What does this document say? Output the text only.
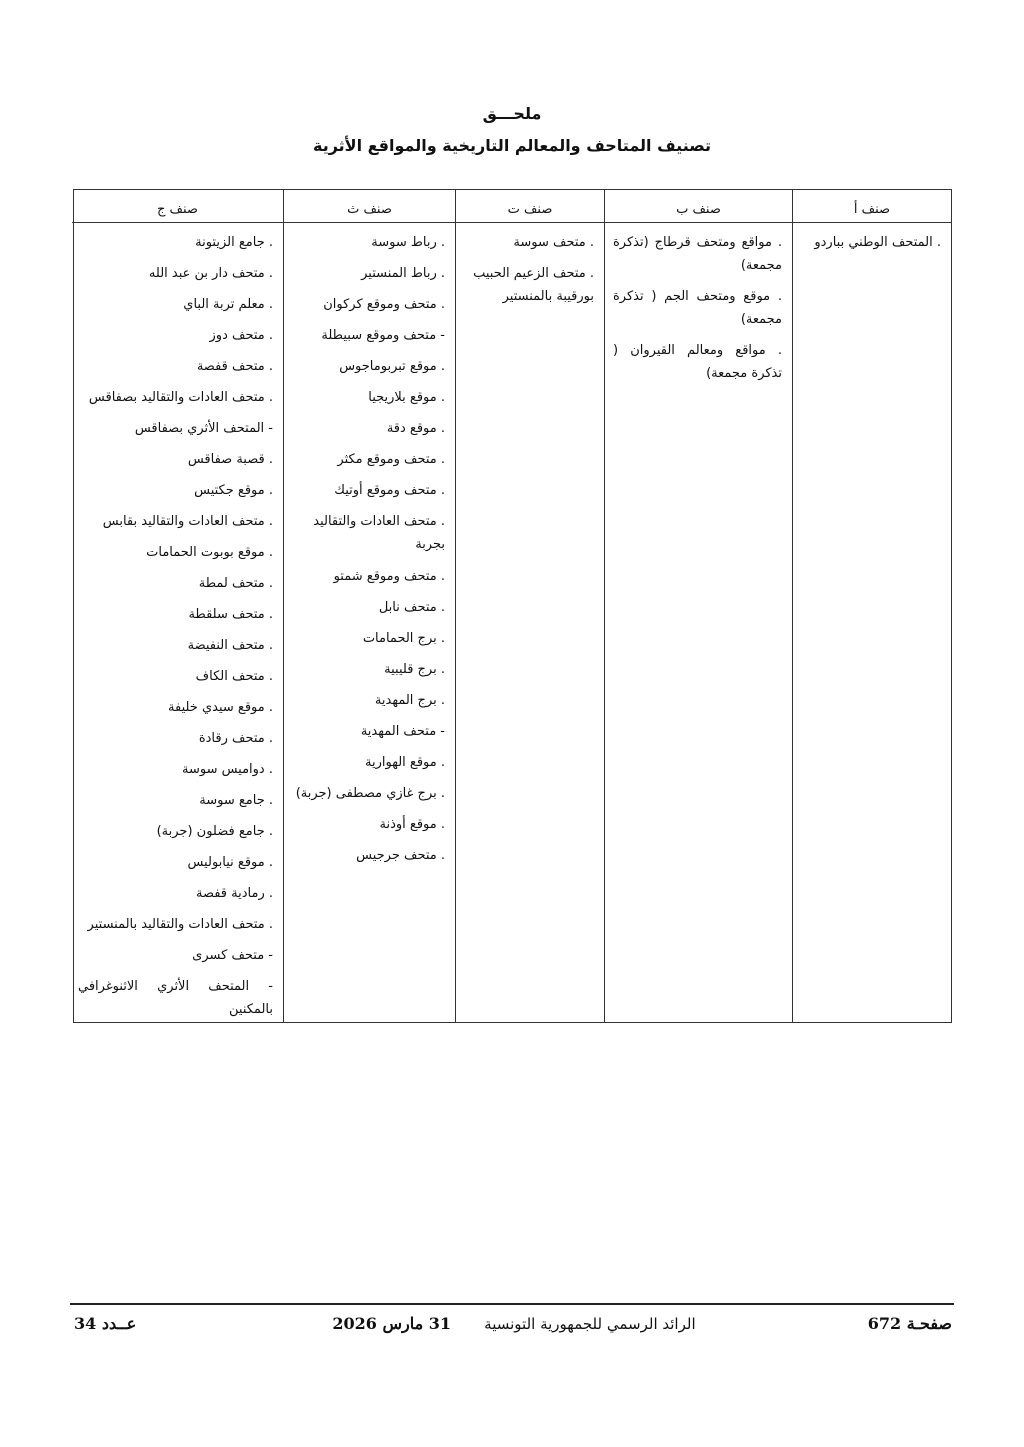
ملحـــق
تصنيف المتاحف والمعالم التاريخية والمواقع الأثرية
صنف أ
. المتحف الوطني بباردو
صنف ب
. مواقع ومتحف قرطاج (تذكرة مجمعة)
. موقع ومتحف الجم ( تذكرة مجمعة)
. مواقع ومعالم القيروان ( تذكرة مجمعة)
صنف ت
. متحف سوسة
. متحف الزعيم الحبيب بورقيبة بالمنستير
صنف ث
. رباط سوسة
. رباط المنستير
. متحف وموقع كركوان
- متحف وموقع سبيطلة
. موقع تبربوماجوس
. موقع بلاريجيا
. موقع دقة
. متحف وموقع مكثر
. متحف وموقع أوتيك
. متحف العادات والتقاليد بجربة
. متحف وموقع شمتو
. متحف نابل
. برج الحمامات
. برج قليبية
. برج المهدية
- متحف المهدية
. موقع الهوارية
. برج غازي مصطفى (جربة)
. موقع أوذنة
. متحف جرجيس
صنف ج
. جامع الزيتونة
. متحف دار بن عبد الله
. معلم تربة الباي
. متحف دوز
. متحف قفصة
. متحف العادات والتقاليد بصفاقس
- المتحف الأثري بصفاقس
. قصبة صفاقس
. موقع جكتيس
. متحف العادات والتقاليد بقابس
. موقع بوبوت الحمامات
. متحف لمطة
. متحف سلقطة
. متحف النفيضة
. متحف الكاف
. موقع سيدي خليفة
. متحف رقادة
. دواميس سوسة
. جامع سوسة
. جامع فضلون (جربة)
. موقع نيابوليس
. رمادية قفصة
. متحف العادات والتقاليد بالمنستير
- متحف كسرى
- المتحف الأثري الاثنوغرافي بالمكنين
صفحـة 672
الرائد الرسمي للجمهورية التونسية  31 مارس 2026
عــدد 34
